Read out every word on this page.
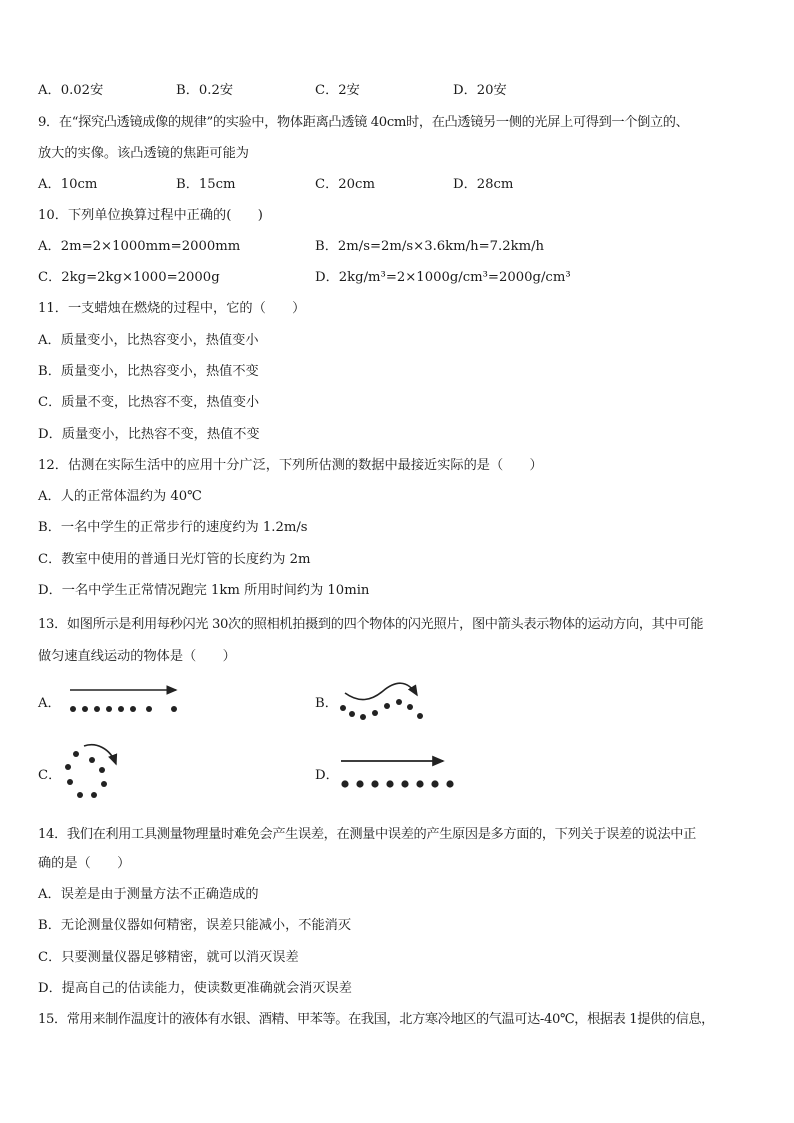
A．0.02安	B．0.2安	C．2安	D．20安
9．在“探究凸透镜成像的规律”的实验中，物体距离凸透镜 40cm时，在凸透镜另一侧的光屏上可得到一个倒立的、
放大的实像。该凸透镜的焦距可能为
A．10cm	B．15cm	C．20cm	D．28cm
10．下列单位换算过程中正确的(　　)
A．2m=2×1000mm=2000mm	B．2m/s=2m/s×3.6km/h=7.2km/h
C．2kg=2kg×1000=2000g	D．2kg/m³=2×1000g/cm³=2000g/cm³
11．一支蜡烛在燃烧的过程中，它的（　　）
A．质量变小，比热容变小，热值变小
B．质量变小，比热容变小，热值不变
C．质量不变，比热容不变，热值变小
D．质量变小，比热容不变，热值不变
12．估测在实际生活中的应用十分广泛，下列所估测的数据中最接近实际的是（　　）
A．人的正常体温约为 40℃
B．一名中学生的正常步行的速度约为 1.2m/s
C．教室中使用的普通日光灯管的长度约为 2m
D．一名中学生正常情况跑完 1km 所用时间约为 10min
13．如图所示是利用每秒闪光 30次的照相机拍摄到的四个物体的闪光照片，图中箭头表示物体的运动方向，其中可能
做匀速直线运动的物体是（　　）
A．	B．
C．	D．
14．我们在利用工具测量物理量时难免会产生误差，在测量中误差的产生原因是多方面的，下列关于误差的说法中正
确的是（　　）
A．误差是由于测量方法不正确造成的
B．无论测量仪器如何精密，误差只能减小，不能消灭
C．只要测量仪器足够精密，就可以消灭误差
D．提高自己的估读能力，使读数更准确就会消灭误差
15．常用来制作温度计的液体有水银、酒精、甲苯等。在我国，北方寒冷地区的气温可达-40℃，根据表 1提供的信息，
